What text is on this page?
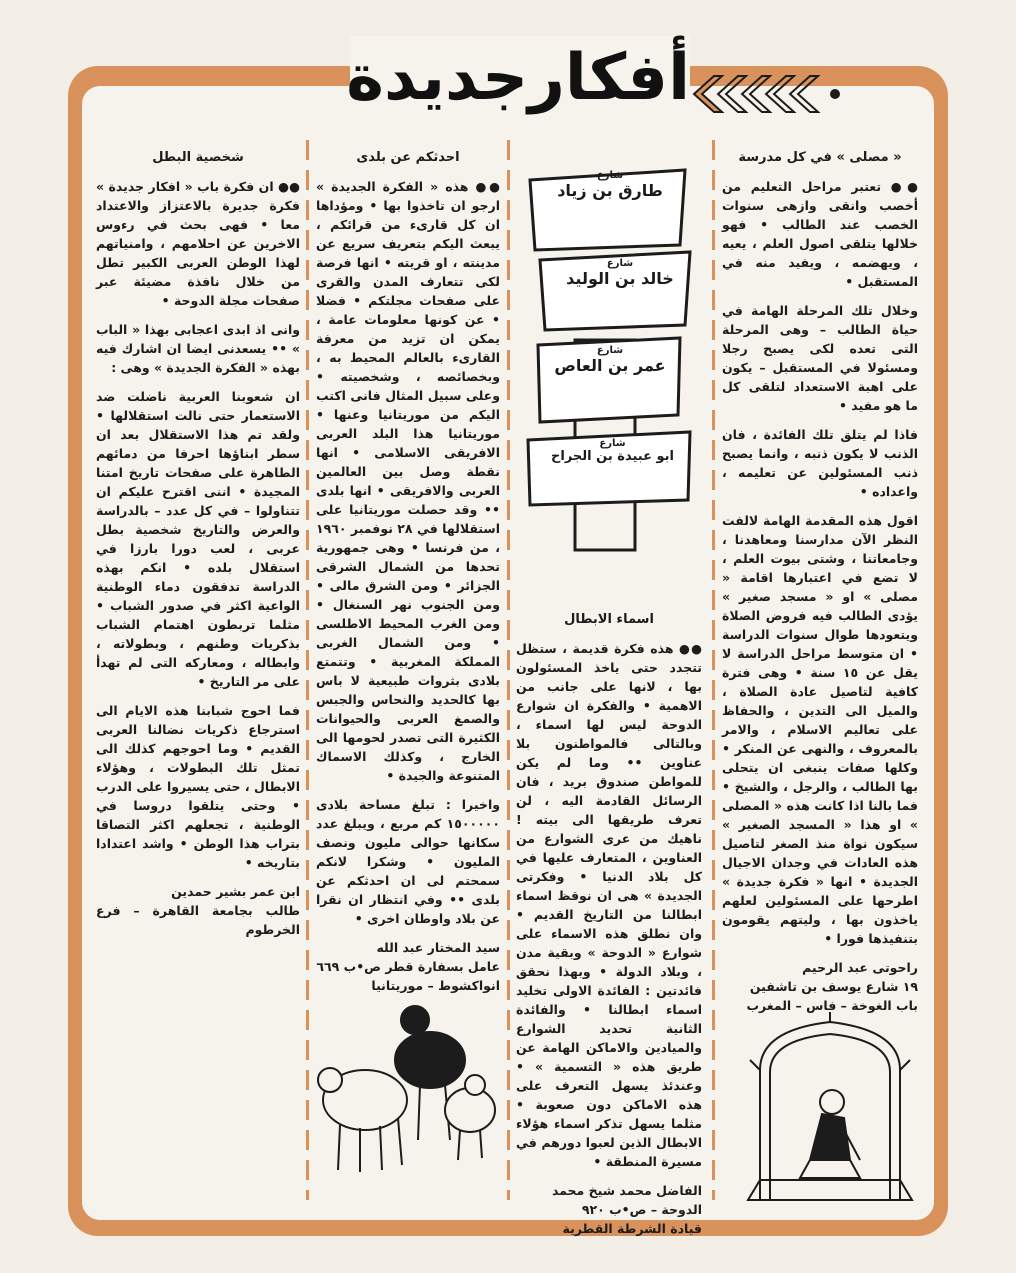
أفكارجديدة
« مصلى » في كل مدرسة

●● تعتبر مراحل التعليم من أخصب وانقى وازهى سنوات الخصب عند الطالب • فهو خلالها يتلقى اصول العلم ، يعيه ، ويهضمه ، ويفيد منه في المستقبل •

وخلال تلك المرحلة الهامة في حياة الطالب – وهى المرحلة التى تعده لكى يصبح رجلا ومسئولا في المستقبل – يكون على اهبة الاستعداد لتلقى كل ما هو مفيد •

فاذا لم يتلق تلك الفائدة ، فان الذنب لا يكون ذنبه ، وانما يصبح ذنب المسئولين عن تعليمه ، واعداده •

اقول هذه المقدمة الهامة لالفت النظر الآن مدارسنا ومعاهدنا ، وجامعاتنا ، وشتى بيوت العلم ، لا تضع في اعتبارها اقامة « مصلى » او « مسجد صغير » يؤدى الطالب فيه فروض الصلاة ويتعودها طوال سنوات الدراسة • ان متوسط مراحل الدراسة لا يقل عن ١٥ سنة • وهى فترة كافية لتاصيل عادة الصلاة ، والميل الى التدين ، والحفاظ على تعاليم الاسلام ، والامر بالمعروف ، والنهى عن المنكر • وكلها صفات ينبغى ان يتحلى بها الطالب ، والرجل ، والشيخ • فما بالنا اذا كانت هذه « المصلى » او هذا « المسجد الصغير » سيكون نواة منذ الصغر لتاصيل هذه العادات في وجدان الاجيال الجديدة • انها « فكرة جديدة » اطرحها على المسئولين لعلهم ياخذون بها ، وليتهم يقومون بتنفيذها فورا •

راحوتى عبد الرحيم
١٩ شارع يوسف بن تاشفين
باب الغوخة – فاس – المغرب
شارع
طارق بن زياد
شارع
خالد بن الوليد
شارع
عمر بن العاص
شارع
ابو عبيدة بن الجراح
اسماء الابطال

●● هذه فكرة قديمة ، ستظل تتجدد حتى ياخذ المسئولون بها ، لانها على جانب من الاهمية • والفكرة ان شوارع الدوحة ليس لها اسماء ، وبالتالى فالمواطنون بلا عناوين •• وما لم يكن للمواطن صندوق بريد ، فان الرسائل القادمة اليه ، لن تعرف طريقها الى بيته ! ناهيك من عرى الشوارع من العناوين ، المتعارف عليها في كل بلاد الدنيا • وفكرتى الجديدة » هى ان نوقظ اسماء ابطالنا من التاريخ القديم • وان نطلق هذه الاسماء على شوارع « الدوحة » وبقية مدن ، وبلاد الدولة • وبهذا نحقق فائدتين : الفائدة الاولى تخليد اسماء ابطالنا • والفائدة الثانية تحديد الشوارع والميادين والاماكن الهامة عن طريق هذه « التسمية » • وعندئذ يسهل التعرف على هذه الاماكن دون صعوبة • مثلما يسهل تذكر اسماء هؤلاء الابطال الذين لعبوا دورهم في مسيرة المنطقة •

الفاضل محمد شيخ محمد
الدوحة – ص•ب ٩٢٠
قيادة الشرطة القطرية
احدثكم عن بلدى

●● هذه « الفكرة الجديدة » ارجو ان تاخذوا بها • ومؤداها ان كل قارىء من قرائكم ، يبعث اليكم بتعريف سريع عن مدينته ، او قريته • انها فرصة لكى تتعارف المدن والقرى على صفحات مجلتكم • فضلا • عن كونها معلومات عامة ، يمكن ان تزيد من معرفة القارىء بالعالم المحيط به ، وبخصائصه ، وشخصيته • وعلى سبيل المثال فانى اكتب اليكم من موريتانيا وعنها • موريتانيا هذا البلد العربى الافريقى الاسلامى • انها نقطة وصل بين العالمين العربى والافريقى • انها بلدى •• وقد حصلت موريتانيا على استقلالها في ٢٨ نوفمبر ١٩٦٠ ، من فرنسا • وهى جمهورية تحدها من الشمال الشرقى الجزائر • ومن الشرق مالى • ومن الجنوب نهر السنغال • ومن الغرب المحيط الاطلسى • ومن الشمال الغربى المملكة المغربية • وتتمتع بلادى بثروات طبيعية لا باس بها كالحديد والنحاس والجبس والصمغ العربى والحيوانات الكثيرة التى تصدر لحومها الى الخارج ، وكذلك الاسماك المتنوعة والجيدة •

واخيرا : تبلغ مساحة بلادى ١٥٠٠٠٠٠ كم مربع ، ويبلغ عدد سكانها حوالى مليون ونصف المليون • وشكرا لانكم سمحتم لى ان احدثكم عن بلدى •• وفي انتظار ان نقرا عن بلاد واوطان اخرى •

سيد المختار عبد الله
عامل بسفارة قطر ص•ب ٦٦٩
انواكشوط – موريتانيا
شخصية البطل

●● ان فكرة باب « افكار جديدة » فكرة جديرة بالاعتزاز والاعتداد معا • فهى بحث في رءوس الاخرين عن احلامهم ، وامنياتهم لهذا الوطن العربى الكبير تطل من خلال نافذة مضيئة عبر صفحات مجلة الدوحة •

وانى اذ ابدى اعجابى بهذا « الباب » •• يسعدنى ايضا ان اشارك فيه بهذه « الفكرة الجديدة » وهى :

ان شعوبنا العربية ناضلت ضد الاستعمار حتى نالت استقلالها • ولقد تم هذا الاستقلال بعد ان سطر ابناؤها احرفا من دمائهم الطاهرة على صفحات تاريخ امتنا المجيدة • اننى اقترح عليكم ان تتناولوا – في كل عدد – بالدراسة والعرض والتاريخ شخصية بطل عربى ، لعب دورا بارزا في استقلال بلده • انكم بهذه الدراسة تدفقون دماء الوطنية الواعية اكثر في صدور الشباب • مثلما تربطون اهتمام الشباب بذكريات وطنهم ، وبطولاته ، وابطاله ، ومعاركه التى لم تهدأ على مر التاريخ •

فما احوج شبابنا هذه الايام الى استرجاع ذكريات نضالنا العربى القديم • وما احوجهم كذلك الى تمثل تلك البطولات ، وهؤلاء الابطال ، حتى يسيروا على الدرب • وحتى يتلقوا دروسا في الوطنية ، تجعلهم اكثر التصاقا بتراب هذا الوطن • واشد اعتدادا بتاريخه •

ابن عمر بشير حمدين
طالب بجامعة القاهرة – فرع الخرطوم
